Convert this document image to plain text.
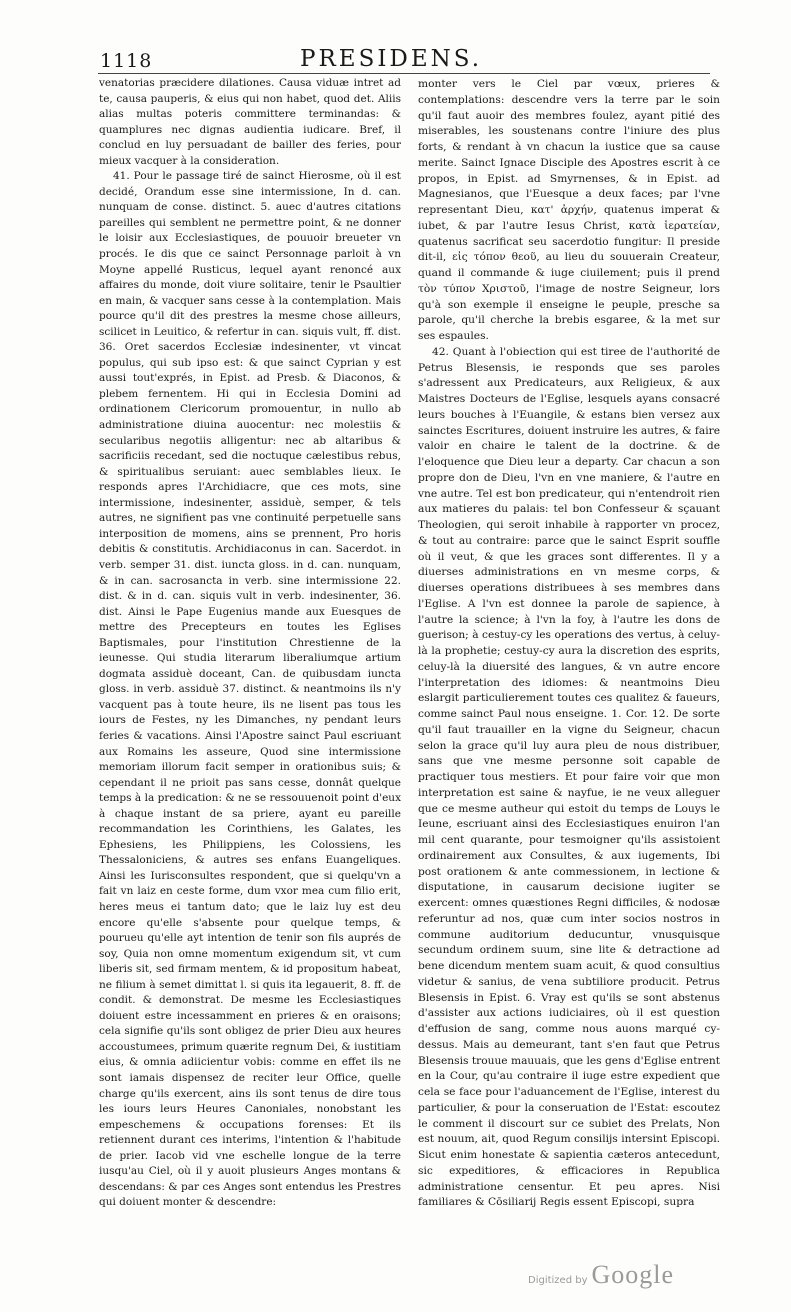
1118	PRESIDENS.

venatorias præcidere dilationes. Causa viduæ intret ad te, causa pauperis, & eius qui non habet, quod det. Aliis alias multas poteris committere terminandas: & quamplures nec dignas audientia iudicare. Bref, il conclud en luy persuadant de bailler des feries, pour mieux vacquer à la consideration.

41. Pour le passage tiré de sainct Hierosme, où il est decidé, Orandum esse sine intermissione, In d. can. nunquam de conse. distinct. 5. auec d'autres citations pareilles qui semblent ne permettre point, & ne donner le loisir aux Ecclesiastiques, de pouuoir breueter vn procés. Ie dis que ce sainct Personnage parloit à vn Moyne appellé Rusticus, lequel ayant renoncé aux affaires du monde, doit viure solitaire, tenir le Psaultier en main, & vacquer sans cesse à la contemplation. Mais pource qu'il dit des prestres la mesme chose ailleurs, scilicet in Leuitico, & refertur in can. siquis vult, ff. dist. 36. Oret sacerdos Ecclesiæ indesinenter, vt vincat populus, qui sub ipso est: & que sainct Cyprian y est aussi tout'exprés, in Epist. ad Presb. & Diaconos, & plebem fernentem. Hi qui in Ecclesia Domini ad ordinationem Clericorum promouentur, in nullo ab administratione diuina auocentur: nec molestiis & secularibus negotiis alligentur: nec ab altaribus & sacrificiis recedant, sed die noctuque cælestibus rebus, & spiritualibus seruiant: auec semblables lieux. Ie responds apres l'Archidiacre, que ces mots, sine intermissione, indesinenter, assiduè, semper, & tels autres, ne signifient pas vne continuité perpetuelle sans interposition de momens, ains se prennent, Pro horis debitis & constitutis. Archidiaconus in can. Sacerdot. in verb. semper 31. dist. iuncta gloss. in d. can. nunquam, & in can. sacrosancta in verb. sine intermissione 22. dist. & in d. can. siquis vult in verb. indesinenter, 36. dist. Ainsi le Pape Eugenius mande aux Euesques de mettre des Precepteurs en toutes les Eglises Baptismales, pour l'institution Chrestienne de la ieunesse. Qui studia literarum liberaliumque artium dogmata assiduè doceant, Can. de quibusdam iuncta gloss. in verb. assiduè 37. distinct. & neantmoins ils n'y vacquent pas à toute heure, ils ne lisent pas tous les iours de Festes, ny les Dimanches, ny pendant leurs feries & vacations. Ainsi l'Apostre sainct Paul escriuant aux Romains les asseure, Quod sine intermissione memoriam illorum facit semper in orationibus suis; & cependant il ne prioit pas sans cesse, donnât quelque temps à la predication: & ne se ressouuenoit point d'eux à chaque instant de sa priere, ayant eu pareille recommandation les Corinthiens, les Galates, les Ephesiens, les Philippiens, les Colossiens, les Thessaloniciens, & autres ses enfans Euangeliques. Ainsi les Iurisconsultes respondent, que si quelqu'vn a fait vn laiz en ceste forme, dum vxor mea cum filio erit, heres meus ei tantum dato; que le laiz luy est deu encore qu'elle s'absente pour quelque temps, & pourueu qu'elle ayt intention de tenir son fils auprés de soy, Quia non omne momentum exigendum sit, vt cum liberis sit, sed firmam mentem, & id propositum habeat, ne filium à semet dimittat l. si quis ita legauerit, 8. ff. de condit. & demonstrat. De mesme les Ecclesiastiques doiuent estre incessamment en prieres & en oraisons; cela signifie qu'ils sont obligez de prier Dieu aux heures accoustumees, primum quærite regnum Dei, & iustitiam eius, & omnia adiicientur vobis: comme en effet ils ne sont iamais dispensez de reciter leur Office, quelle charge qu'ils exercent, ains ils sont tenus de dire tous les iours leurs Heures Canoniales, nonobstant les empeschemens & occupations forenses: Et ils retiennent durant ces interims, l'intention & l'habitude de prier. Iacob vid vne eschelle longue de la terre iusqu'au Ciel, où il y auoit plusieurs Anges montans & descendans: & par ces Anges sont entendus les Prestres qui doiuent monter & descendre:

monter vers le Ciel par vœux, prieres & contemplations: descendre vers la terre par le soin qu'il faut auoir des membres foulez, ayant pitié des miserables, les soustenans contre l'iniure des plus forts, & rendant à vn chacun la iustice que sa cause merite. Sainct Ignace Disciple des Apostres escrit à ce propos, in Epist. ad Smyrnenses, & in Epist. ad Magnesianos, que l'Euesque a deux faces; par l'vne representant Dieu, κατ' ἀρχήν, quatenus imperat & iubet, & par l'autre Iesus Christ, κατὰ ἱερατείαν, quatenus sacrificat seu sacerdotio fungitur: Il preside dit-il, εἰς τόπον θεοῦ, au lieu du souuerain Createur, quand il commande & iuge ciuilement; puis il prend τὸν τύπον Χριστοῦ, l'image de nostre Seigneur, lors qu'à son exemple il enseigne le peuple, presche sa parole, qu'il cherche la brebis esgaree, & la met sur ses espaules.

42. Quant à l'obiection qui est tiree de l'authorité de Petrus Blesensis, ie responds que ses paroles s'adressent aux Predicateurs, aux Religieux, & aux Maistres Docteurs de l'Eglise, lesquels ayans consacré leurs bouches à l'Euangile, & estans bien versez aux sainctes Escritures, doiuent instruire les autres, & faire valoir en chaire le talent de la doctrine. & de l'eloquence que Dieu leur a departy. Car chacun a son propre don de Dieu, l'vn en vne maniere, & l'autre en vne autre. Tel est bon predicateur, qui n'entendroit rien aux matieres du palais: tel bon Confesseur & sçauant Theologien, qui seroit inhabile à rapporter vn procez, & tout au contraire: parce que le sainct Esprit souffle où il veut, & que les graces sont differentes. Il y a diuerses administrations en vn mesme corps, & diuerses operations distribuees à ses membres dans l'Eglise. A l'vn est donnee la parole de sapience, à l'autre la science; à l'vn la foy, à l'autre les dons de guerison; à cestuy-cy les operations des vertus, à celuy-là la prophetie; cestuy-cy aura la discretion des esprits, celuy-là la diuersité des langues, & vn autre encore l'interpretation des idiomes: & neantmoins Dieu eslargit particulierement toutes ces qualitez & faueurs, comme sainct Paul nous enseigne. 1. Cor. 12. De sorte qu'il faut trauailler en la vigne du Seigneur, chacun selon la grace qu'il luy aura pleu de nous distribuer, sans que vne mesme personne soit capable de practiquer tous mestiers. Et pour faire voir que mon interpretation est saine & nayfue, ie ne veux alleguer que ce mesme autheur qui estoit du temps de Louys le Ieune, escriuant ainsi des Ecclesiastiques enuiron l'an mil cent quarante, pour tesmoigner qu'ils assistoient ordinairement aux Consultes, & aux iugements, Ibi post orationem & ante commessionem, in lectione & disputatione, in causarum decisione iugiter se exercent: omnes quæstiones Regni difficiles, & nodosæ referuntur ad nos, quæ cum inter socios nostros in commune auditorium deducuntur, vnusquisque secundum ordinem suum, sine lite & detractione ad bene dicendum mentem suam acuit, & quod consultius videtur & sanius, de vena subtiliore producit. Petrus Blesensis in Epist. 6. Vray est qu'ils se sont abstenus d'assister aux actions iudiciaires, où il est question d'effusion de sang, comme nous auons marqué cy-dessus. Mais au demeurant, tant s'en faut que Petrus Blesensis trouue mauuais, que les gens d'Eglise entrent en la Cour, qu'au contraire il iuge estre expedient que cela se face pour l'aduancement de l'Eglise, interest du particulier, & pour la conseruation de l'Estat: escoutez le comment il discourt sur ce subiet des Prelats, Non est nouum, ait, quod Regum consilijs intersint Episcopi. Sicut enim honestate & sapientia cæteros antecedunt, sic expeditiores, & efficaciores in Republica administratione censentur. Et peu apres. Nisi familiares & Cōsiliarij Regis essent Episcopi, supra

Digitized by Google
